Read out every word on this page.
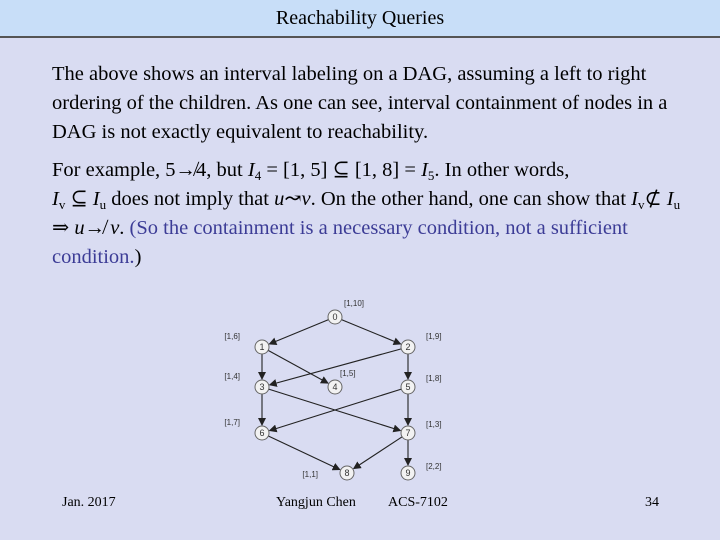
Reachability Queries

The above shows an interval labeling on a DAG, assuming a left to right ordering of the children. As one can see, interval containment of nodes in a DAG is not exactly equivalent to reachability.

For example, 5↛4, but $I_4 = [1$, 5] ⊆ [1, $8] = I_5$. In other words,
$I_v$ ⊆ $I_u$ does not imply that u↝v. On the other hand, one can show that $I_v⊄$ $I_u$ ⇒ u↛ v. (So the containment is a necessary condition, not a sufficient condition.)

0
[1,10]
1
[1,6]
2
[1,9]
3
[1,4]
4
[1,5]
5
[1,8]
6
[1,7]
7
[1,3]
8
[1,1]	9
[2,2]
Jan. 2017	Yangjun Chen ACS-7102	34
